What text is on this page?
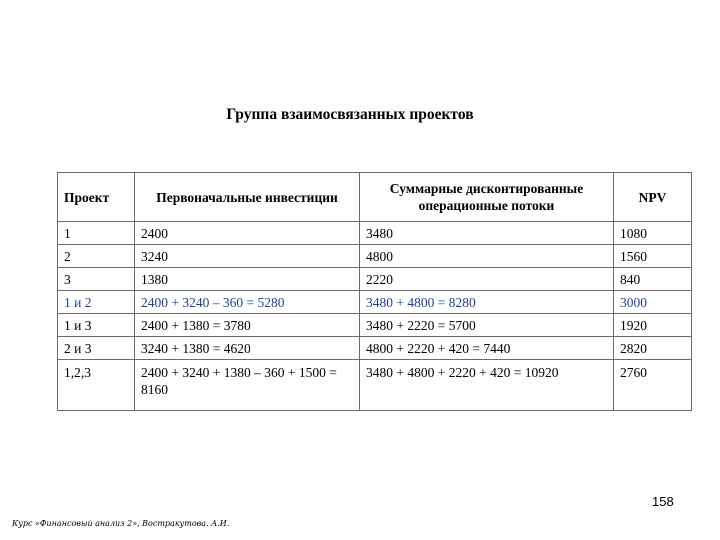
Группа взаимосвязанных проектов
Проект	Первоначальные инвестиции	Суммарные дисконтированные операционные потоки	NPV
1	2400	3480	1080
2	3240	4800	1560
3	1380	2220	840
1 и 2	2400 + 3240 – 360 = 5280	3480 + 4800 = 8280	3000
1 и 3	2400 + 1380 = 3780	3480 + 2220 = 5700	1920
2 и 3	3240 + 1380 = 4620	4800 + 2220 + 420 = 7440	2820
1,2,3	2400 + 3240 + 1380 – 360 + 1500 = 8160	3480 + 4800 + 2220 + 420 = 10920	2760
158
Курс «Финансовый анализ 2», Востракутова. А.И.
